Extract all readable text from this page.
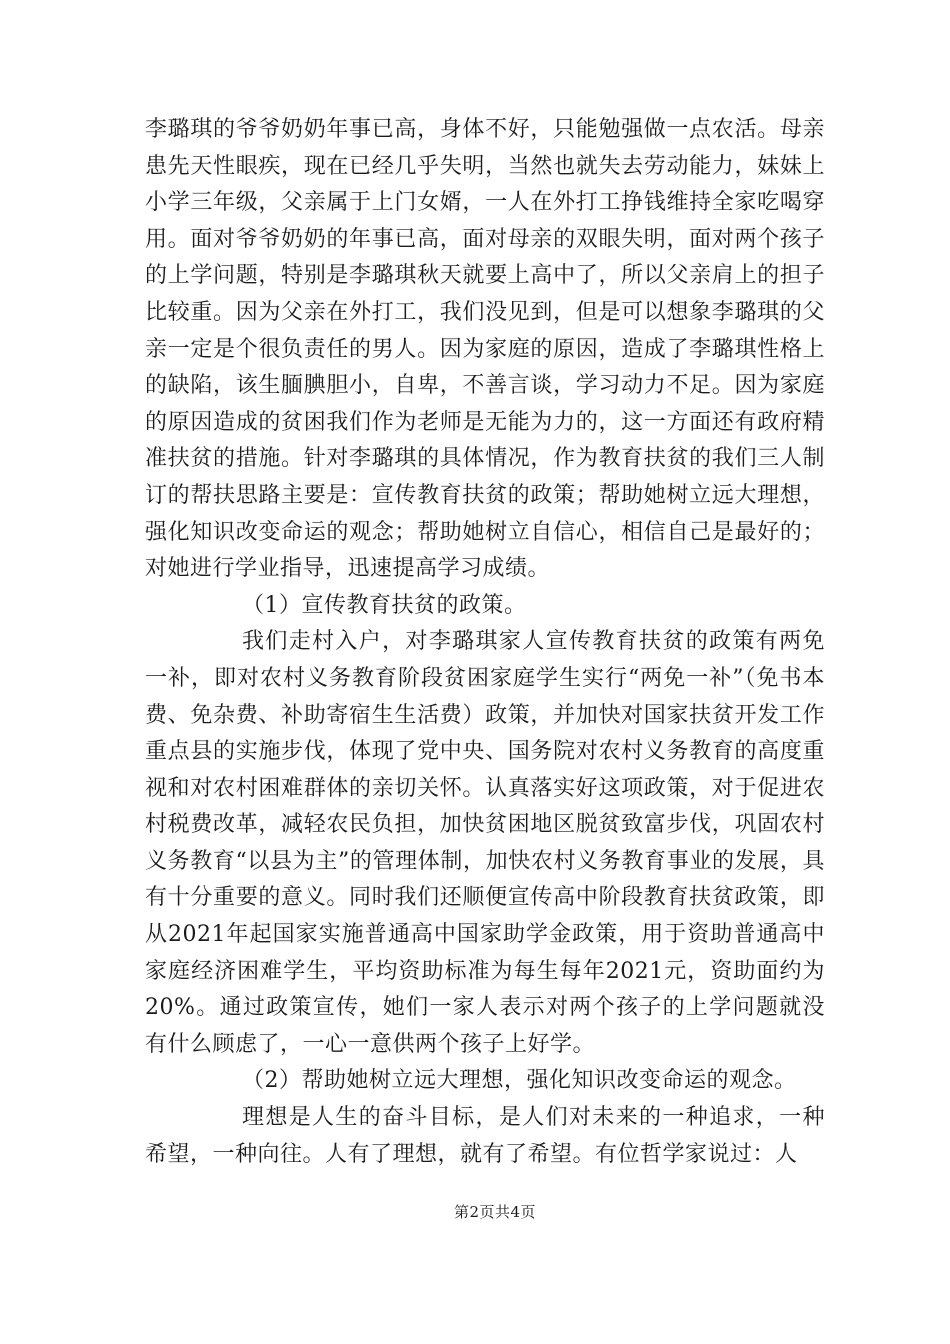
李璐琪的爷爷奶奶年事已高，身体不好，只能勉强做一点农活。母亲患先天性眼疾，现在已经几乎失明，当然也就失去劳动能力，妹妹上小学三年级，父亲属于上门女婿，一人在外打工挣钱维持全家吃喝穿用。面对爷爷奶奶的年事已高，面对母亲的双眼失明，面对两个孩子的上学问题，特别是李璐琪秋天就要上高中了，所以父亲肩上的担子比较重。因为父亲在外打工，我们没见到，但是可以想象李璐琪的父亲一定是个很负责任的男人。因为家庭的原因，造成了李璐琪性格上的缺陷，该生腼腆胆小，自卑，不善言谈，学习动力不足。因为家庭的原因造成的贫困我们作为老师是无能为力的，这一方面还有政府精准扶贫的措施。针对李璐琪的具体情况，作为教育扶贫的我们三人制订的帮扶思路主要是：宣传教育扶贫的政策；帮助她树立远大理想，强化知识改变命运的观念；帮助她树立自信心，相信自己是最好的；对她进行学业指导，迅速提高学习成绩。

（1）宣传教育扶贫的政策。

我们走村入户，对李璐琪家人宣传教育扶贫的政策有两免一补，即对农村义务教育阶段贫困家庭学生实行“两免一补”（免书本费、免杂费、补助寄宿生生活费）政策，并加快对国家扶贫开发工作重点县的实施步伐，体现了党中央、国务院对农村义务教育的高度重视和对农村困难群体的亲切关怀。认真落实好这项政策，对于促进农村税费改革，减轻农民负担，加快贫困地区脱贫致富步伐，巩固农村义务教育“以县为主”的管理体制，加快农村义务教育事业的发展，具有十分重要的意义。同时我们还顺便宣传高中阶段教育扶贫政策，即从2021年起国家实施普通高中国家助学金政策，用于资助普通高中家庭经济困难学生，平均资助标准为每生每年2021元，资助面约为20%。通过政策宣传，她们一家人表示对两个孩子的上学问题就没有什么顾虑了，一心一意供两个孩子上好学。

（2）帮助她树立远大理想，强化知识改变命运的观念。

理想是人生的奋斗目标，是人们对未来的一种追求，一种希望，一种向往。人有了理想，就有了希望。有位哲学家说过：人

第2页共4页
